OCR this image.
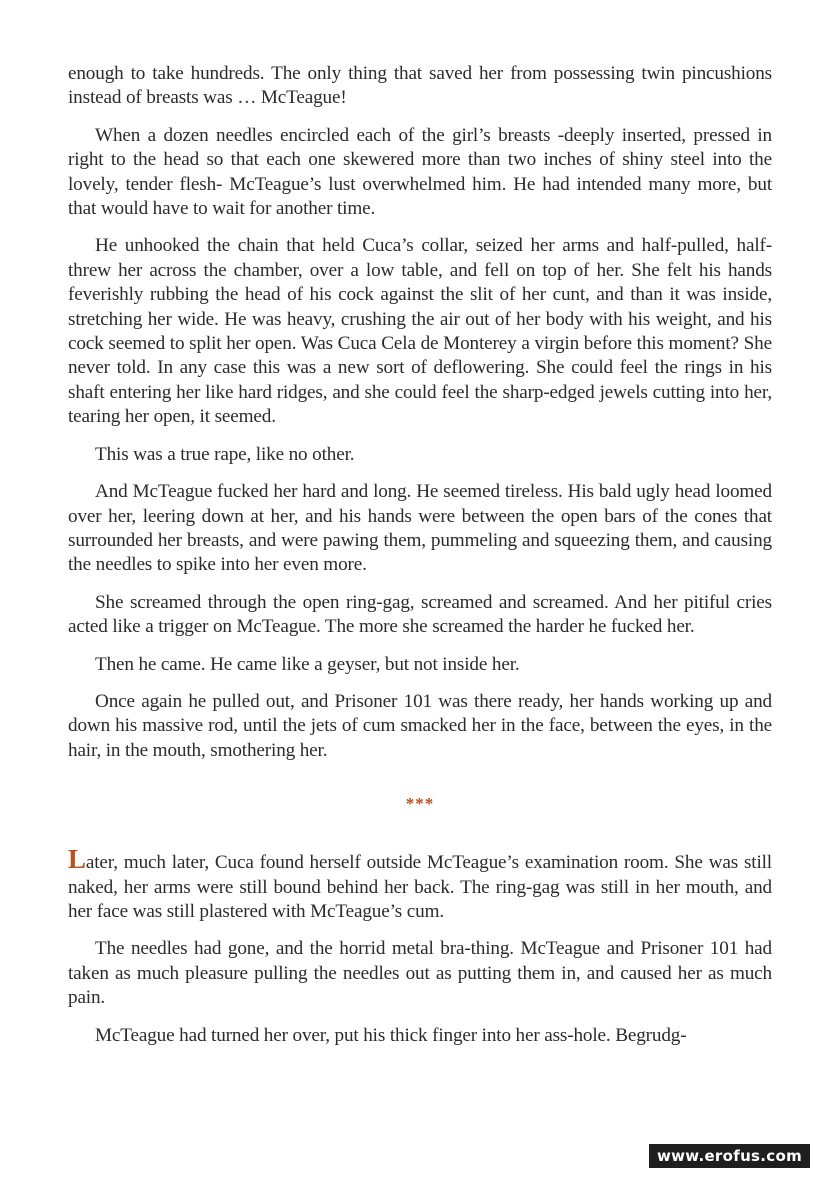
enough to take hundreds. The only thing that saved her from possessing twin pincushions instead of breasts was … McTeague!

When a dozen needles encircled each of the girl’s breasts -deeply inserted, pressed in right to the head so that each one skewered more than two inches of shiny steel into the lovely, tender flesh- McTeague’s lust overwhelmed him. He had intended many more, but that would have to wait for another time.

He unhooked the chain that held Cuca’s collar, seized her arms and half-pulled, half-threw her across the chamber, over a low table, and fell on top of her. She felt his hands feverishly rubbing the head of his cock against the slit of her cunt, and than it was inside, stretching her wide. He was heavy, crushing the air out of her body with his weight, and his cock seemed to split her open. Was Cuca Cela de Monterey a virgin before this moment? She never told. In any case this was a new sort of deflowering. She could feel the rings in his shaft entering her like hard ridges, and she could feel the sharp-edged jewels cutting into her, tearing her open, it seemed.

This was a true rape, like no other.

And McTeague fucked her hard and long. He seemed tireless. His bald ugly head loomed over her, leering down at her, and his hands were between the open bars of the cones that surrounded her breasts, and were pawing them, pummeling and squeezing them, and causing the needles to spike into her even more.

She screamed through the open ring-gag, screamed and screamed. And her pitiful cries acted like a trigger on McTeague. The more she screamed the harder he fucked her.

Then he came. He came like a geyser, but not inside her.

Once again he pulled out, and Prisoner 101 was there ready, her hands working up and down his massive rod, until the jets of cum smacked her in the face, between the eyes, in the hair, in the mouth, smothering her.

***

Later, much later, Cuca found herself outside McTeague’s examination room. She was still naked, her arms were still bound behind her back. The ring-gag was still in her mouth, and her face was still plastered with McTeague’s cum.

The needles had gone, and the horrid metal bra-thing. McTeague and Prisoner 101 had taken as much pleasure pulling the needles out as putting them in, and caused her as much pain.

McTeague had turned her over, put his thick finger into her ass-hole. Begrudg-

www.erofus.com
